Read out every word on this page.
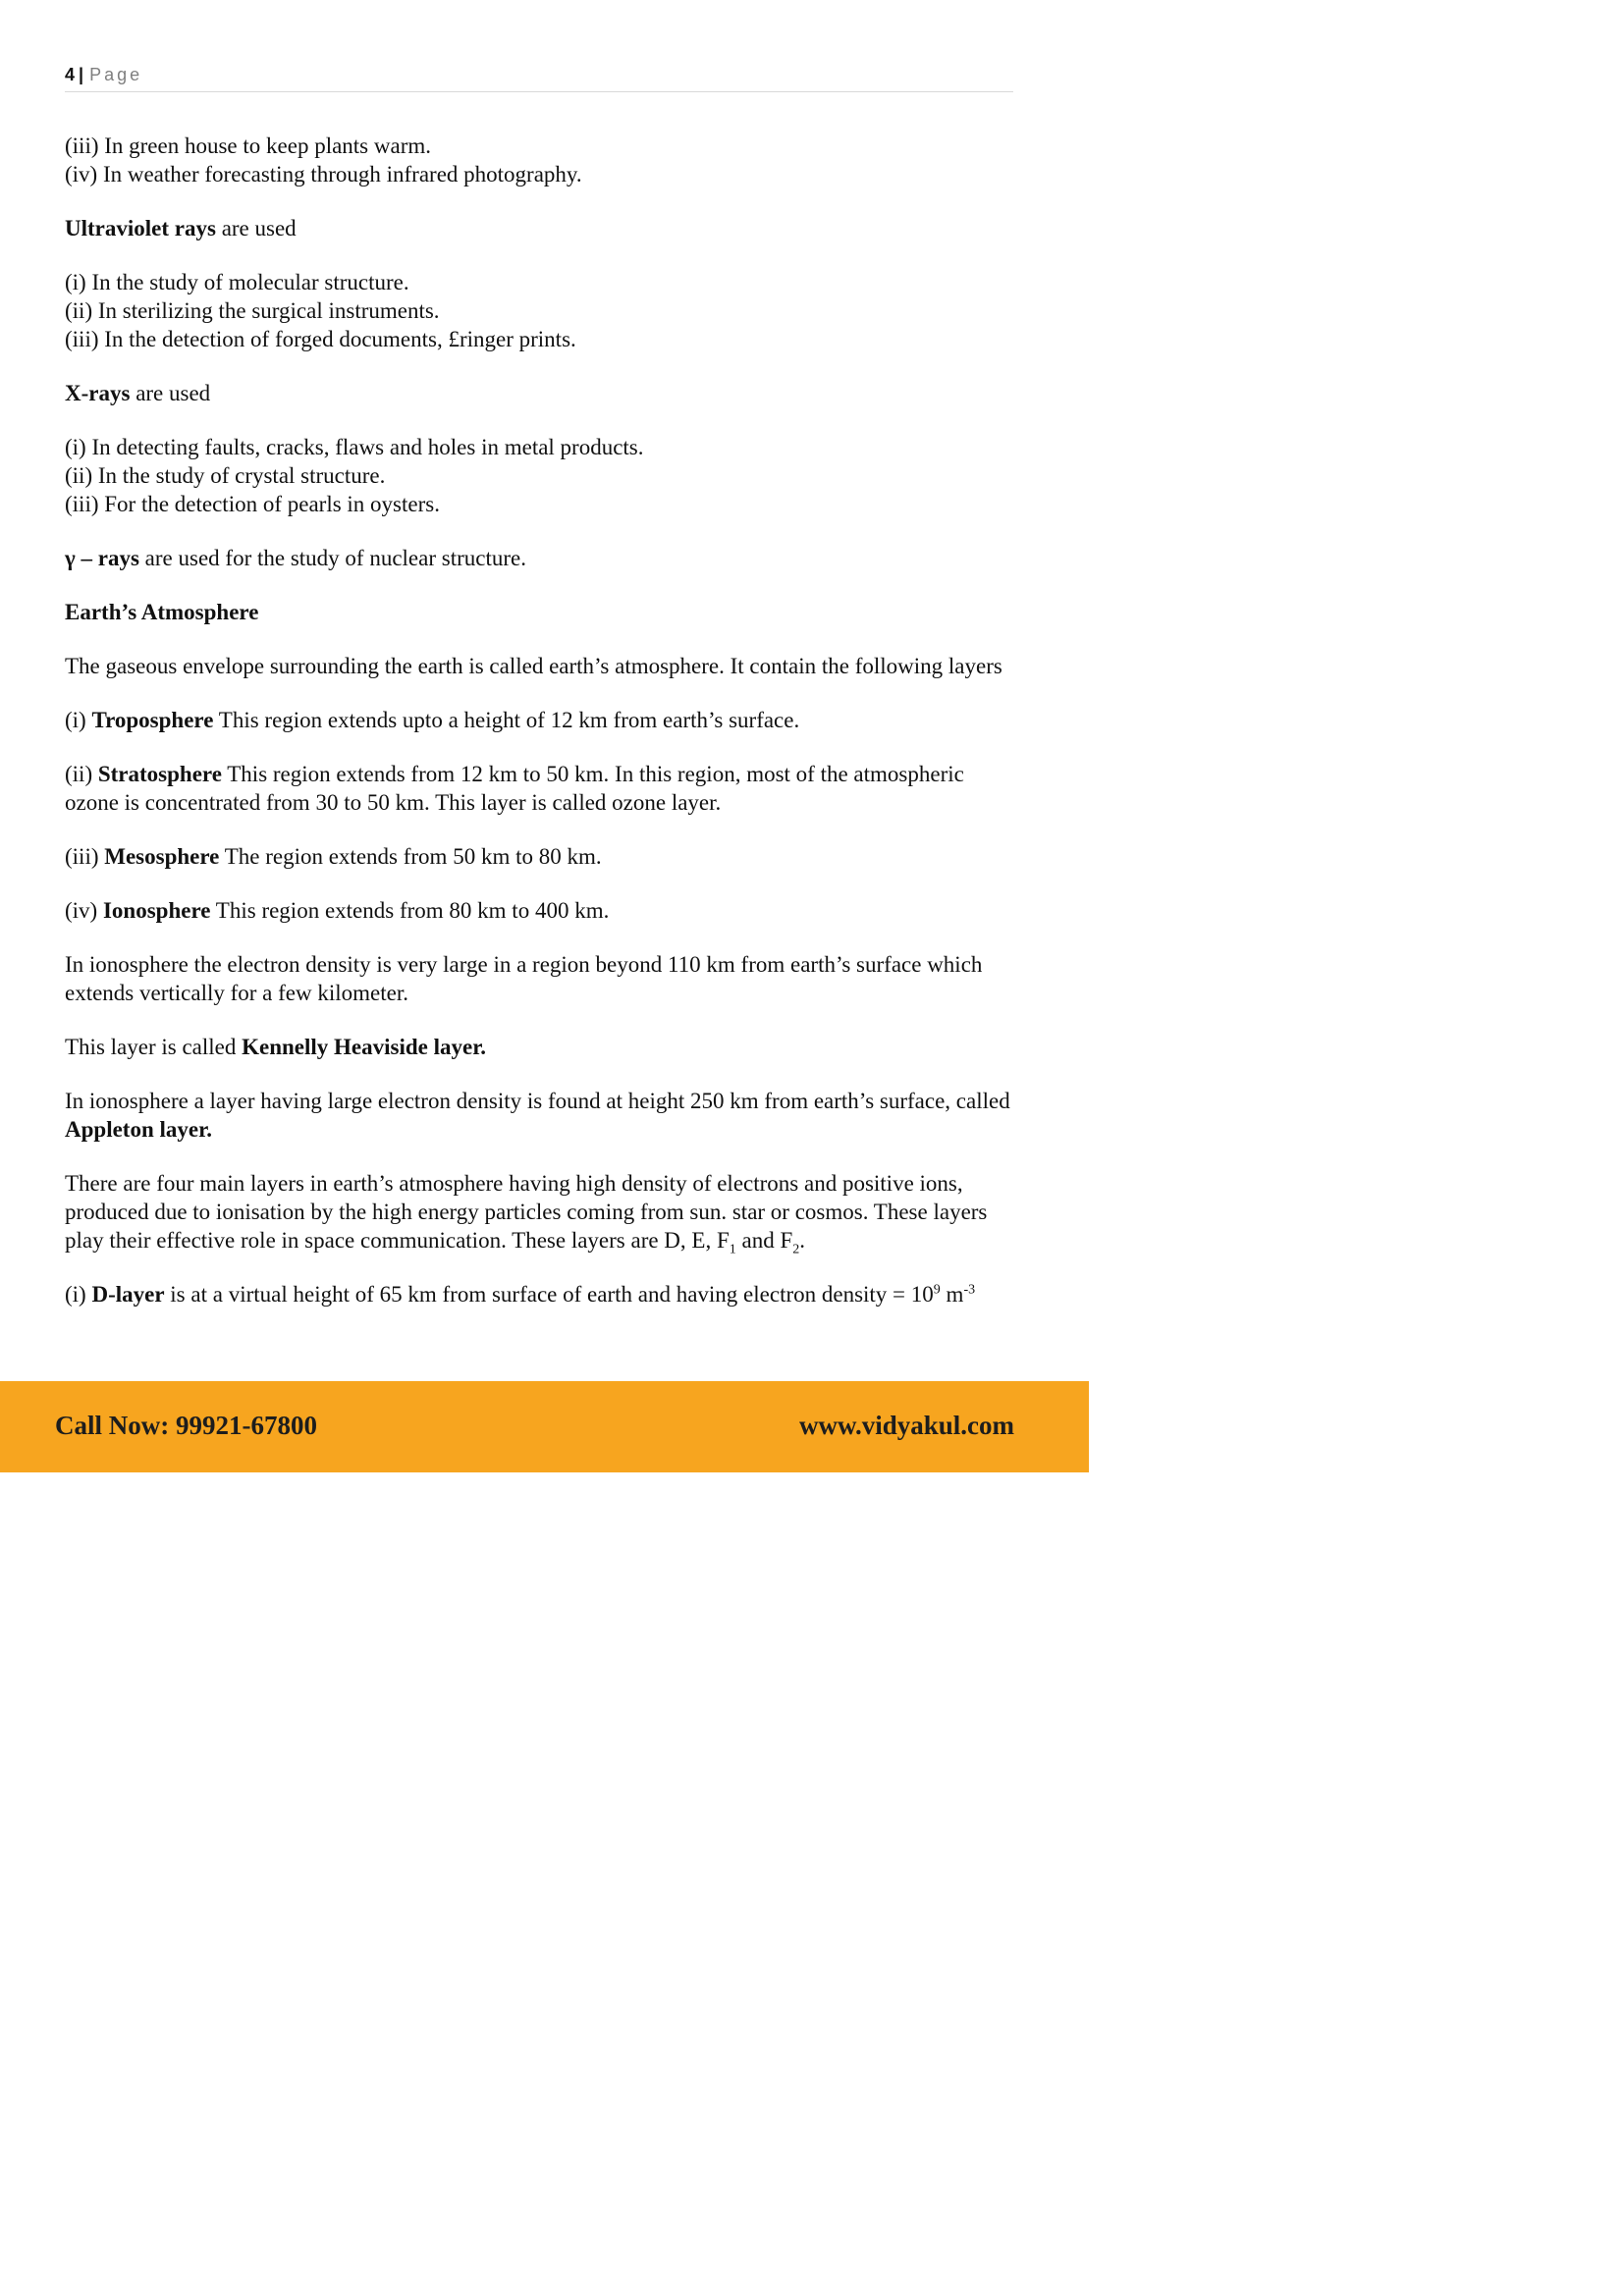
4 | Page

(iii) In green house to keep plants warm.
(iv) In weather forecasting through infrared photography.

Ultraviolet rays are used

(i) In the study of molecular structure.
(ii) In sterilizing the surgical instruments.
(iii) In the detection of forged documents, £ringer prints.

X-rays are used

(i) In detecting faults, cracks, flaws and holes in metal products.
(ii) In the study of crystal structure.
(iii) For the detection of pearls in oysters.

γ – rays are used for the study of nuclear structure.

Earth’s Atmosphere

The gaseous envelope surrounding the earth is called earth’s atmosphere. It contain the following layers

(i) Troposphere This region extends upto a height of 12 km from earth’s surface.

(ii) Stratosphere This region extends from 12 km to 50 km. In this region, most of the atmospheric ozone is concentrated from 30 to 50 km. This layer is called ozone layer.

(iii) Mesosphere The region extends from 50 km to 80 km.

(iv) Ionosphere This region extends from 80 km to 400 km.

In ionosphere the electron density is very large in a region beyond 110 km from earth’s surface which extends vertically for a few kilometer.

This layer is called Kennelly Heaviside layer.

In ionosphere a layer having large electron density is found at height 250 km from earth’s surface, called Appleton layer.

There are four main layers in earth’s atmosphere having high density of electrons and positive ions, produced due to ionisation by the high energy particles coming from sun. star or cosmos. These layers play their effective role in space communication. These layers are D, E, $F_1$ and $F_2$.

(i) D-layer is at a virtual height of 65 km from surface of earth and having electron density = $10^9$ $m^{-3}$

Call Now: 99921-67800	www.vidyakul.com
